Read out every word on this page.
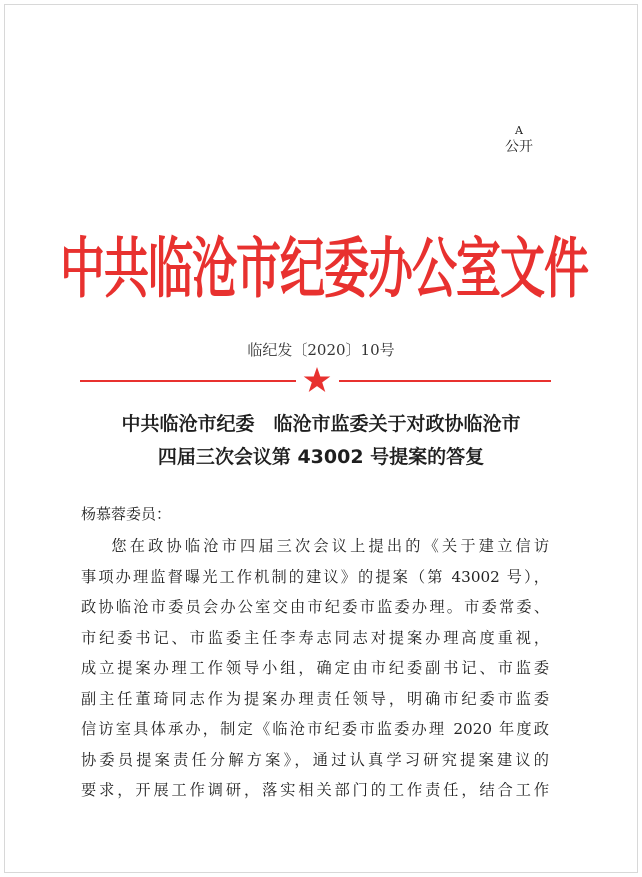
A
公开
中共临沧市纪委办公室文件
临纪发〔2020〕10号
中共临沧市纪委　临沧市监委关于对政协临沧市
四届三次会议第 43002 号提案的答复
杨慕蓉委员：
您在政协临沧市四届三次会议上提出的《关于建立信访
事项办理监督曝光工作机制的建议》的提案（第 43002 号），
政协临沧市委员会办公室交由市纪委市监委办理。市委常委、
市纪委书记、市监委主任李寿志同志对提案办理高度重视，
成立提案办理工作领导小组，确定由市纪委副书记、市监委
副主任董琦同志作为提案办理责任领导，明确市纪委市监委
信访室具体承办，制定《临沧市纪委市监委办理 2020 年度政
协委员提案责任分解方案》，通过认真学习研究提案建议的
要求，开展工作调研，落实相关部门的工作责任，结合工作
